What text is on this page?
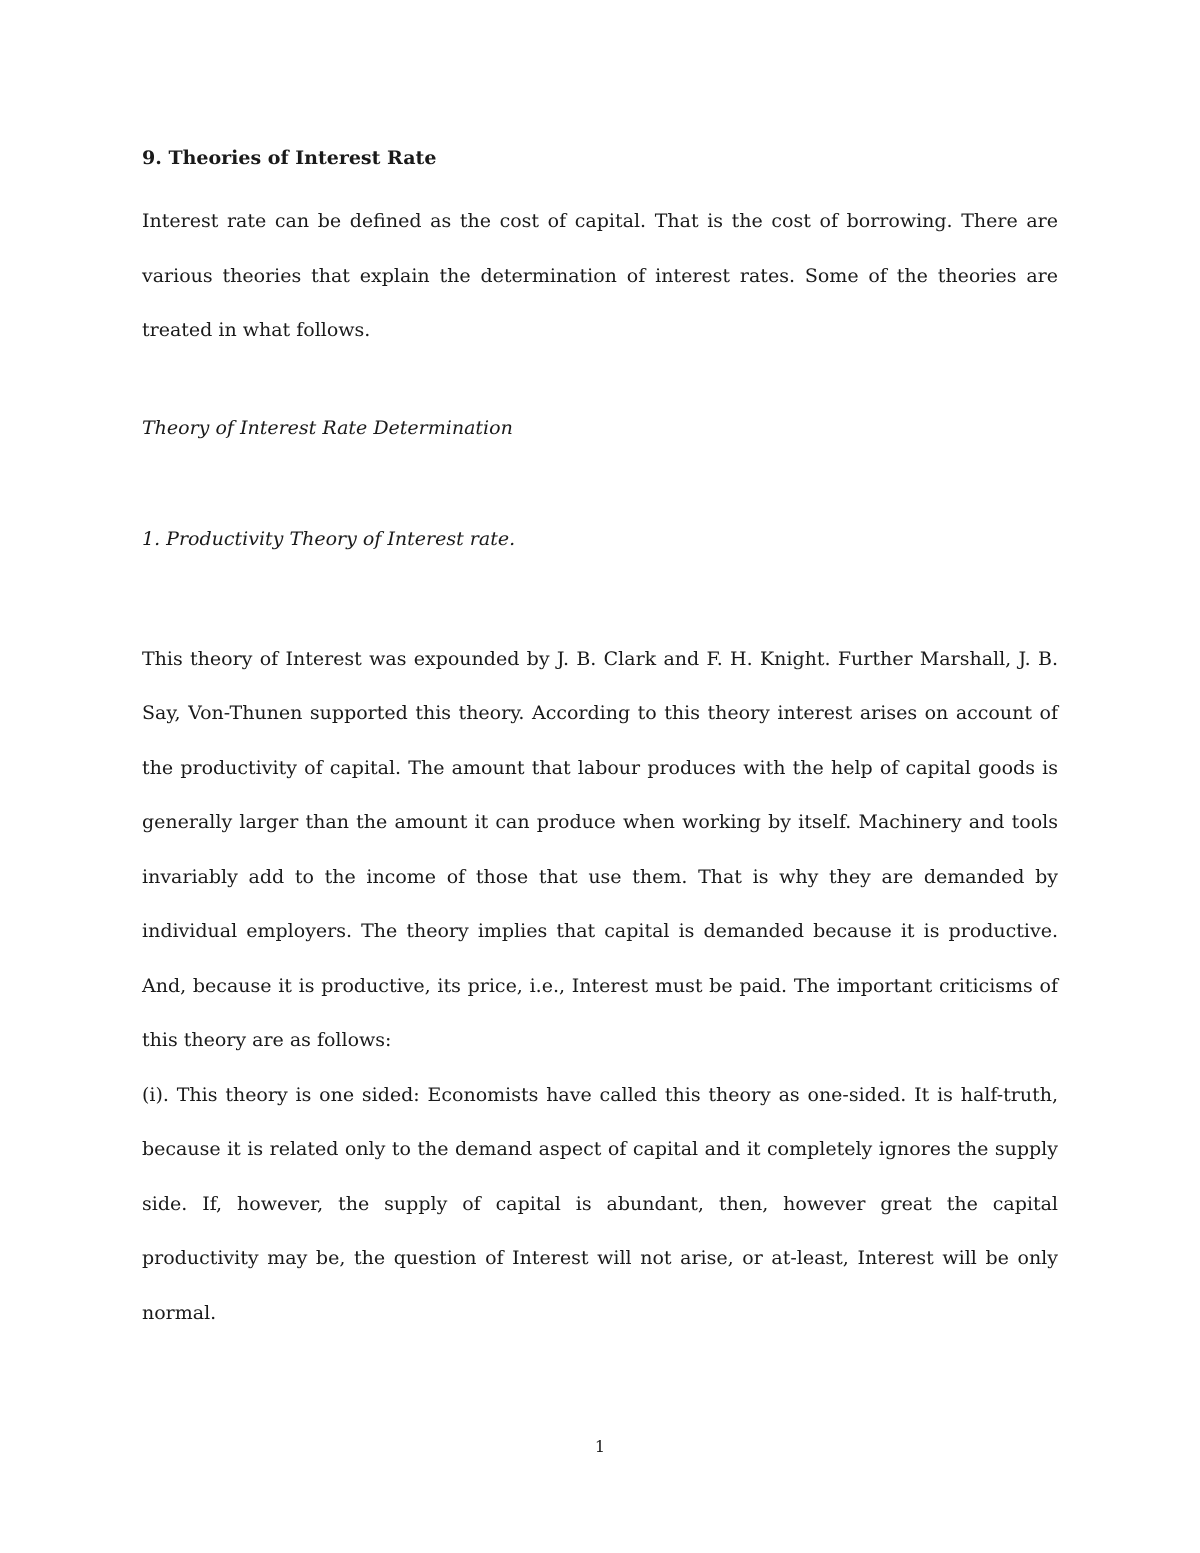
9. Theories of Interest Rate

Interest rate can be defined as the cost of capital. That is the cost of borrowing. There are various theories that explain the determination of interest rates. Some of the theories are treated in what follows.

Theory of Interest Rate Determination
1. Productivity Theory of Interest rate.

This theory of Interest was expounded by J. B. Clark and F. H. Knight. Further Marshall, J. B. Say, Von-Thunen supported this theory. According to this theory interest arises on account of the productivity of capital. The amount that labour produces with the help of capital goods is generally larger than the amount it can produce when working by itself. Machinery and tools invariably add to the income of those that use them. That is why they are demanded by individual employers. The theory implies that capital is demanded because it is productive. And, because it is productive, its price, i.e., Interest must be paid. The important criticisms of this theory are as follows:

(i). This theory is one sided: Economists have called this theory as one-sided. It is half-truth, because it is related only to the demand aspect of capital and it completely ignores the supply side. If, however, the supply of capital is abundant, then, however great the capital productivity may be, the question of Interest will not arise, or at-least, Interest will be only normal.

1
